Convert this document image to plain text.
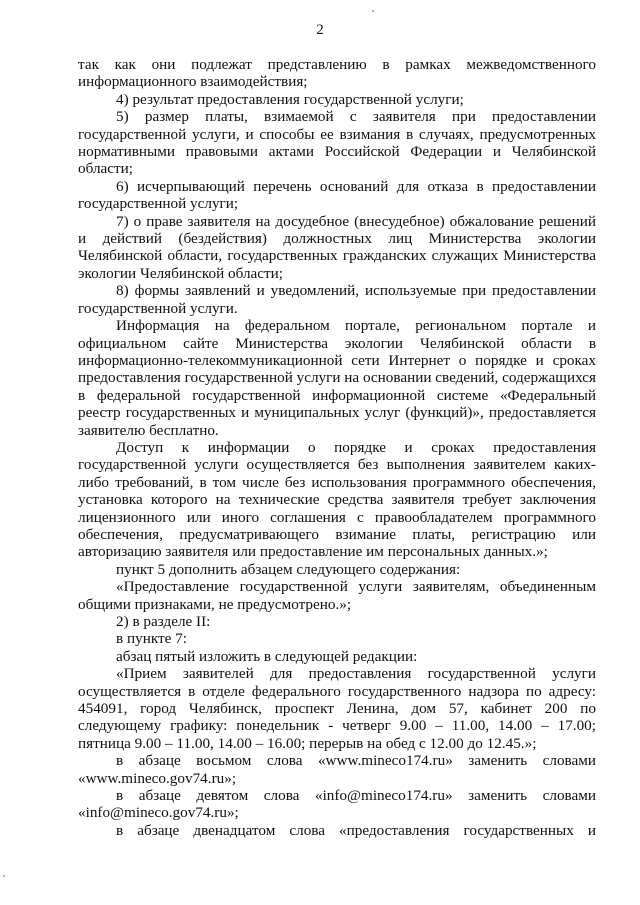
2

так как они подлежат представлению в рамках межведомственного информационного взаимодействия;

4) результат предоставления государственной услуги;

5) размер платы, взимаемой с заявителя при предоставлении государственной услуги, и способы ее взимания в случаях, предусмотренных нормативными правовыми актами Российской Федерации и Челябинской области;

6) исчерпывающий перечень оснований для отказа в предоставлении государственной услуги;

7) о праве заявителя на досудебное (внесудебное) обжалование решений и действий (бездействия) должностных лиц Министерства экологии Челябинской области, государственных гражданских служащих Министерства экологии Челябинской области;

8) формы заявлений и уведомлений, используемые при предоставлении государственной услуги.

Информация на федеральном портале, региональном портале и официальном сайте Министерства экологии Челябинской области в информационно-телекоммуникационной сети Интернет о порядке и сроках предоставления государственной услуги на основании сведений, содержащихся в федеральной государственной информационной системе «Федеральный реестр государственных и муниципальных услуг (функций)», предоставляется заявителю бесплатно.

Доступ к информации о порядке и сроках предоставления государственной услуги осуществляется без выполнения заявителем каких-либо требований, в том числе без использования программного обеспечения, установка которого на технические средства заявителя требует заключения лицензионного или иного соглашения с правообладателем программного обеспечения, предусматривающего взимание платы, регистрацию или авторизацию заявителя или предоставление им персональных данных.»;

пункт 5 дополнить абзацем следующего содержания:

«Предоставление государственной услуги заявителям, объединенным общими признаками, не предусмотрено.»;

2) в разделе II:

в пункте 7:

абзац пятый изложить в следующей редакции:

«Прием заявителей для предоставления государственной услуги осуществляется в отделе федерального государственного надзора по адресу: 454091, город Челябинск, проспект Ленина, дом 57, кабинет 200 по следующему графику: понедельник - четверг 9.00 – 11.00, 14.00 – 17.00; пятница 9.00 – 11.00, 14.00 – 16.00; перерыв на обед с 12.00 до 12.45.»;

в абзаце восьмом слова «www.mineco174.ru» заменить словами «www.mineco.gov74.ru»;

в абзаце девятом слова «info@mineco174.ru» заменить словами «info@mineco.gov74.ru»;

в абзаце двенадцатом слова «предоставления государственных и
